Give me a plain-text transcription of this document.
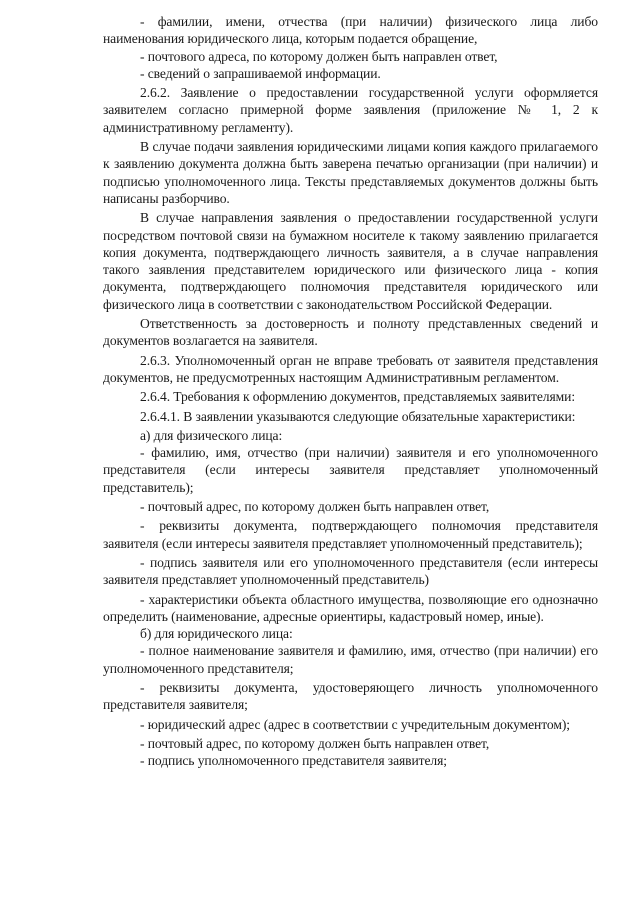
- фамилии, имени, отчества (при наличии) физического лица либо наименования юридического лица, которым подается обращение,

- почтового адреса, по которому должен быть направлен ответ,

- сведений о запрашиваемой информации.

2.6.2. Заявление о предоставлении государственной услуги оформляется заявителем согласно примерной форме заявления (приложение № 1, 2 к административному регламенту).

В случае подачи заявления юридическими лицами копия каждого прилагаемого к заявлению документа должна быть заверена печатью организации (при наличии) и подписью уполномоченного лица. Тексты представляемых документов должны быть написаны разборчиво.

В случае направления заявления о предоставлении государственной услуги посредством почтовой связи на бумажном носителе к такому заявлению прилагается копия документа, подтверждающего личность заявителя, а в случае направления такого заявления представителем юридического или физического лица - копия документа, подтверждающего полномочия представителя юридического или физического лица в соответствии с законодательством Российской Федерации.

Ответственность за достоверность и полноту представленных сведений и документов возлагается на заявителя.

2.6.3. Уполномоченный орган не вправе требовать от заявителя представления документов, не предусмотренных настоящим Административным регламентом.

2.6.4. Требования к оформлению документов, представляемых заявителями:

2.6.4.1. В заявлении указываются следующие обязательные характеристики:

а) для физического лица:

- фамилию, имя, отчество (при наличии) заявителя и его уполномоченного представителя (если интересы заявителя представляет уполномоченный представитель);

- почтовый адрес, по которому должен быть направлен ответ,

- реквизиты документа, подтверждающего полномочия представителя заявителя (если интересы заявителя представляет уполномоченный представитель);

- подпись заявителя или его уполномоченного представителя (если интересы заявителя представляет уполномоченный представитель)

- характеристики объекта областного имущества, позволяющие его однозначно определить (наименование, адресные ориентиры, кадастровый номер, иные).

б) для юридического лица:

- полное наименование заявителя и фамилию, имя, отчество (при наличии) его уполномоченного представителя;

- реквизиты документа, удостоверяющего личность уполномоченного представителя заявителя;

- юридический адрес (адрес в соответствии с учредительным документом);

- почтовый адрес, по которому должен быть направлен ответ,

- подпись уполномоченного представителя заявителя;
